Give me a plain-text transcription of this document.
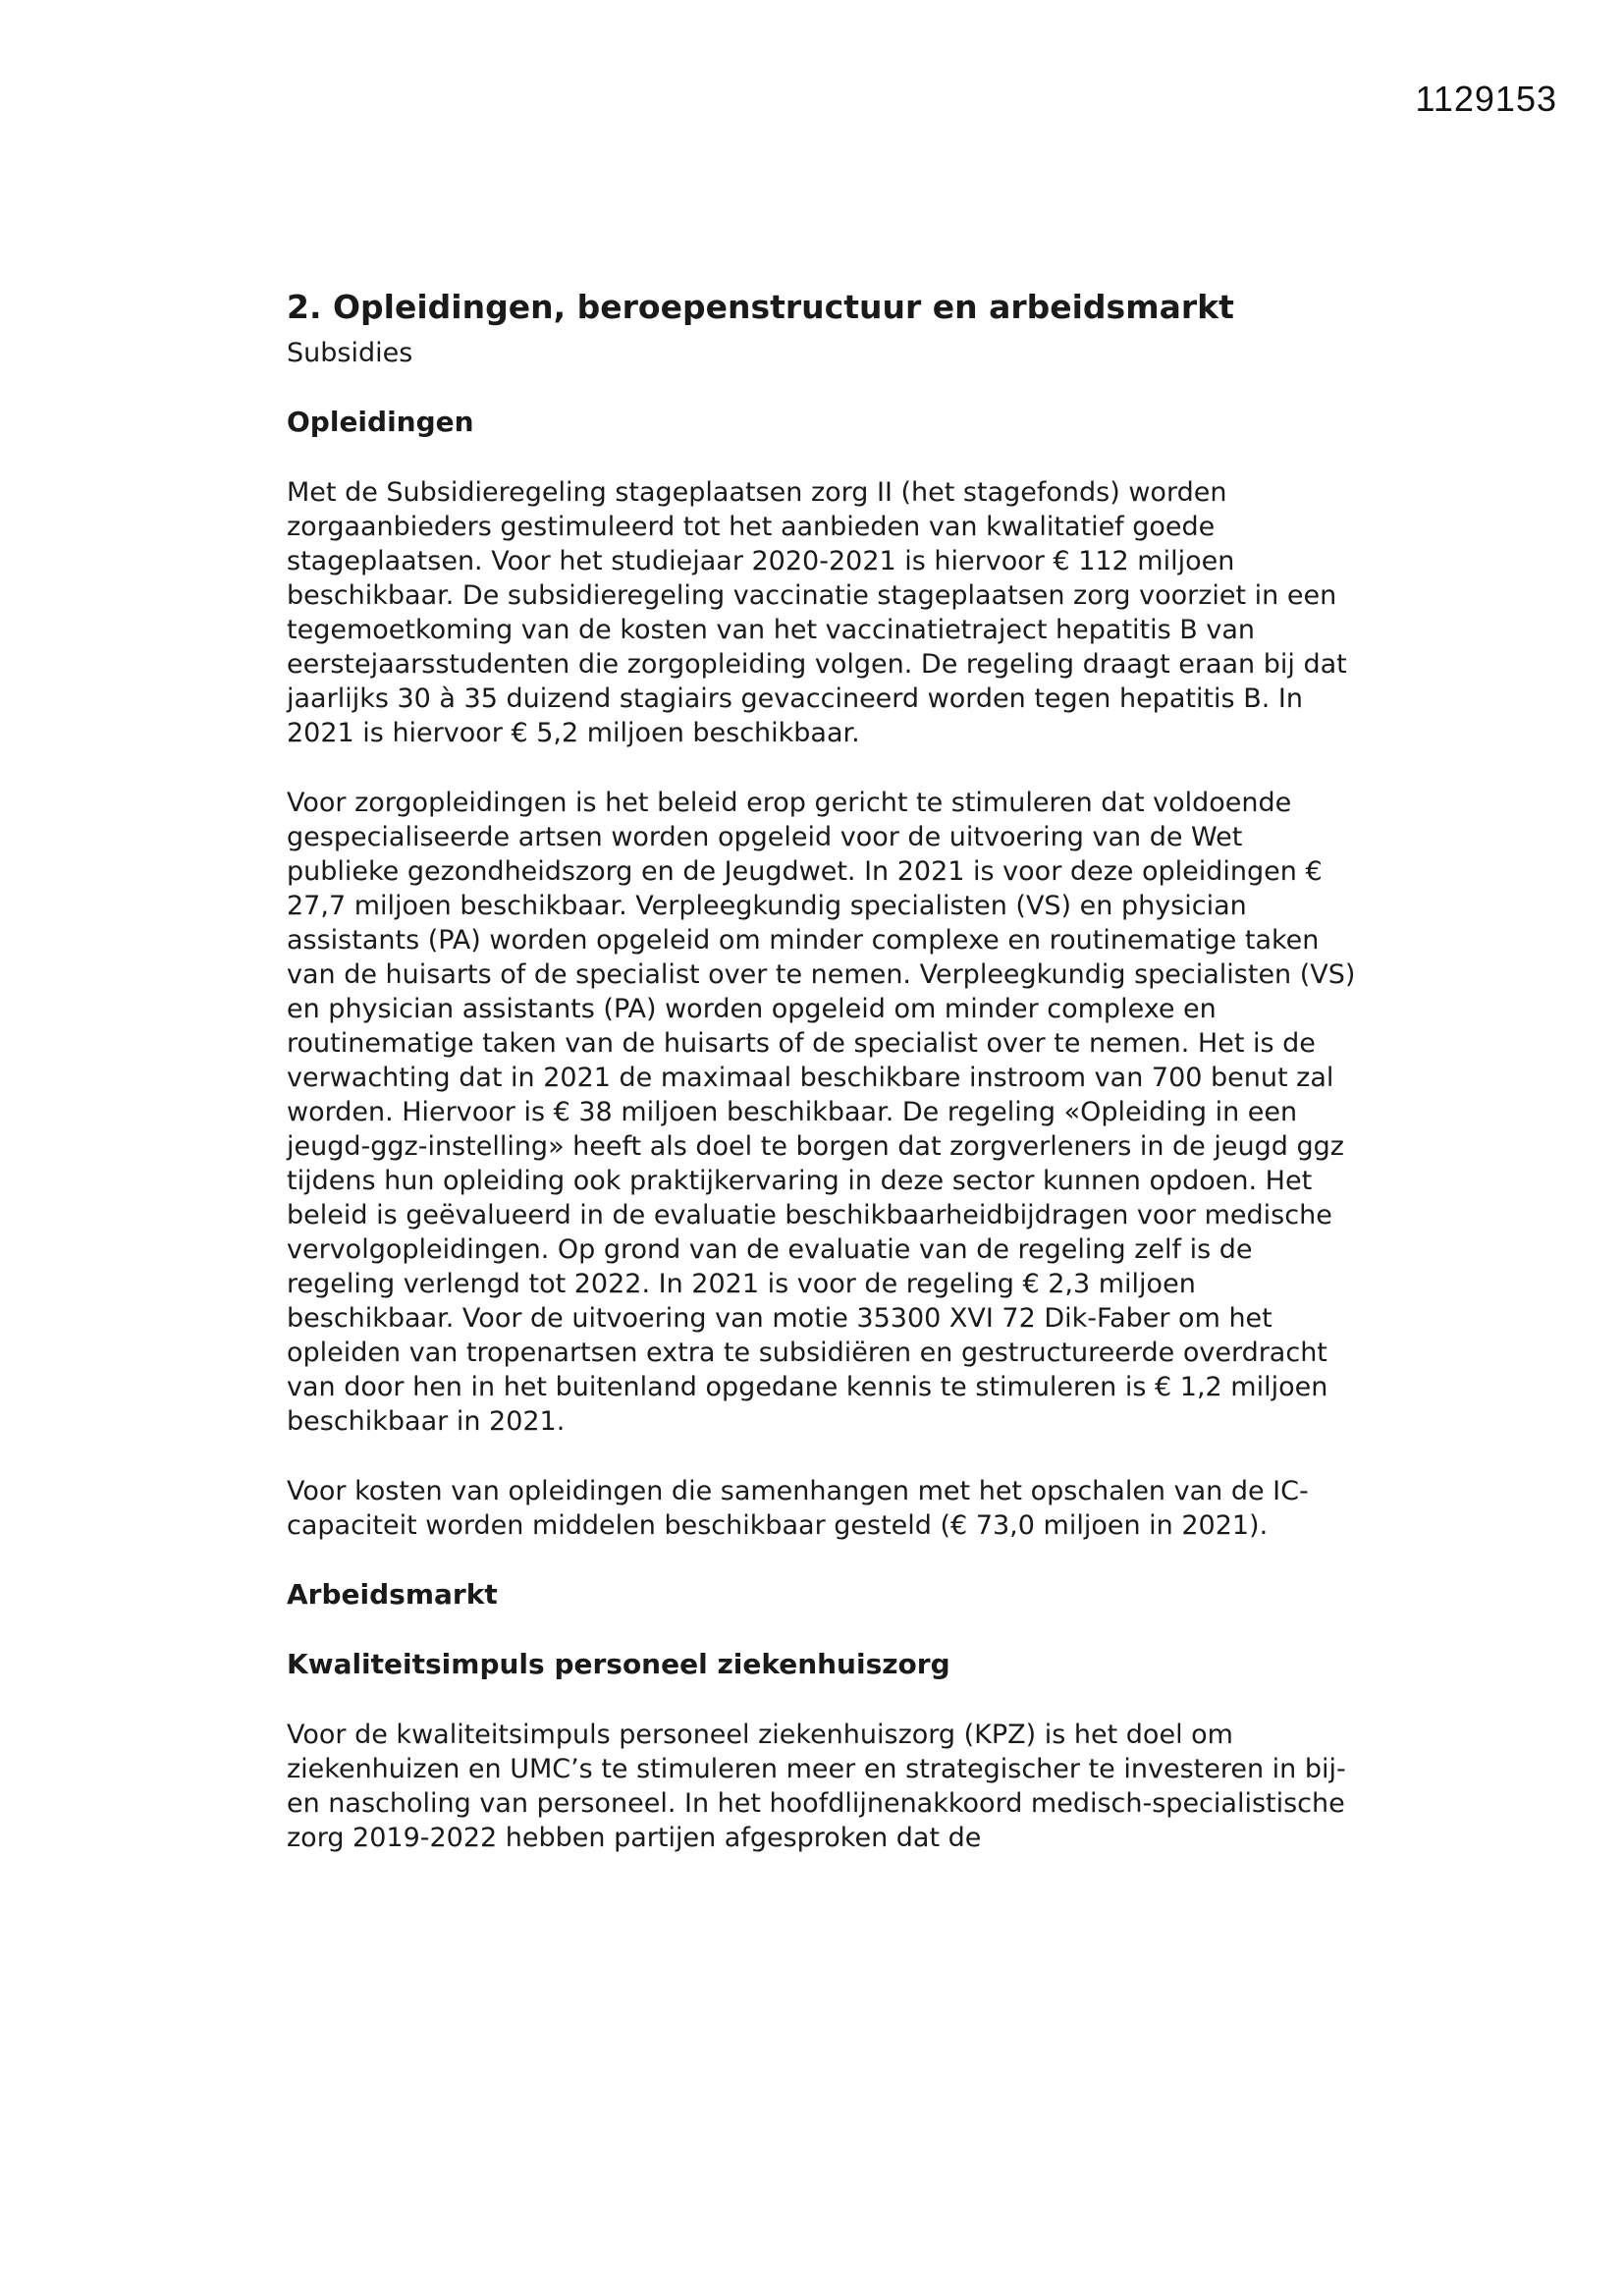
1129153
2. Opleidingen, beroepenstructuur en arbeidsmarkt

Subsidies

Opleidingen

Met de Subsidieregeling stageplaatsen zorg II (het stagefonds) worden zorgaanbieders gestimuleerd tot het aanbieden van kwalitatief goede stageplaatsen. Voor het studiejaar 2020-2021 is hiervoor € 112 miljoen beschikbaar. De subsidieregeling vaccinatie stageplaatsen zorg voorziet in een tegemoetkoming van de kosten van het vaccinatietraject hepatitis B van eerstejaarsstudenten die zorgopleiding volgen. De regeling draagt eraan bij dat jaarlijks 30 à 35 duizend stagiairs gevaccineerd worden tegen hepatitis B. In 2021 is hiervoor € 5,2 miljoen beschikbaar.

Voor zorgopleidingen is het beleid erop gericht te stimuleren dat voldoende gespecialiseerde artsen worden opgeleid voor de uitvoering van de Wet publieke gezondheidszorg en de Jeugdwet. In 2021 is voor deze opleidingen € 27,7 miljoen beschikbaar. Verpleegkundig specialisten (VS) en physician assistants (PA) worden opgeleid om minder complexe en routinematige taken van de huisarts of de specialist over te nemen. Verpleegkundig specialisten (VS) en physician assistants (PA) worden opgeleid om minder complexe en routinematige taken van de huisarts of de specialist over te nemen. Het is de verwachting dat in 2021 de maximaal beschikbare instroom van 700 benut zal worden. Hiervoor is € 38 miljoen beschikbaar. De regeling «Opleiding in een jeugd-ggz-instelling» heeft als doel te borgen dat zorgverleners in de jeugd ggz tijdens hun opleiding ook praktijkervaring in deze sector kunnen opdoen. Het beleid is geëvalueerd in de evaluatie beschikbaarheidbijdragen voor medische vervolgopleidingen. Op grond van de evaluatie van de regeling zelf is de regeling verlengd tot 2022. In 2021 is voor de regeling € 2,3 miljoen beschikbaar. Voor de uitvoering van motie 35300 XVI 72 Dik-Faber om het opleiden van tropenartsen extra te subsidiëren en gestructureerde overdracht van door hen in het buitenland opgedane kennis te stimuleren is € 1,2 miljoen beschikbaar in 2021.

Voor kosten van opleidingen die samenhangen met het opschalen van de IC-capaciteit worden middelen beschikbaar gesteld (€ 73,0 miljoen in 2021).

Arbeidsmarkt
Kwaliteitsimpuls personeel ziekenhuiszorg

Voor de kwaliteitsimpuls personeel ziekenhuiszorg (KPZ) is het doel om ziekenhuizen en UMC’s te stimuleren meer en strategischer te investeren in bij- en nascholing van personeel. In het hoofdlijnenakkoord medisch-specialistische zorg 2019-2022 hebben partijen afgesproken dat de
